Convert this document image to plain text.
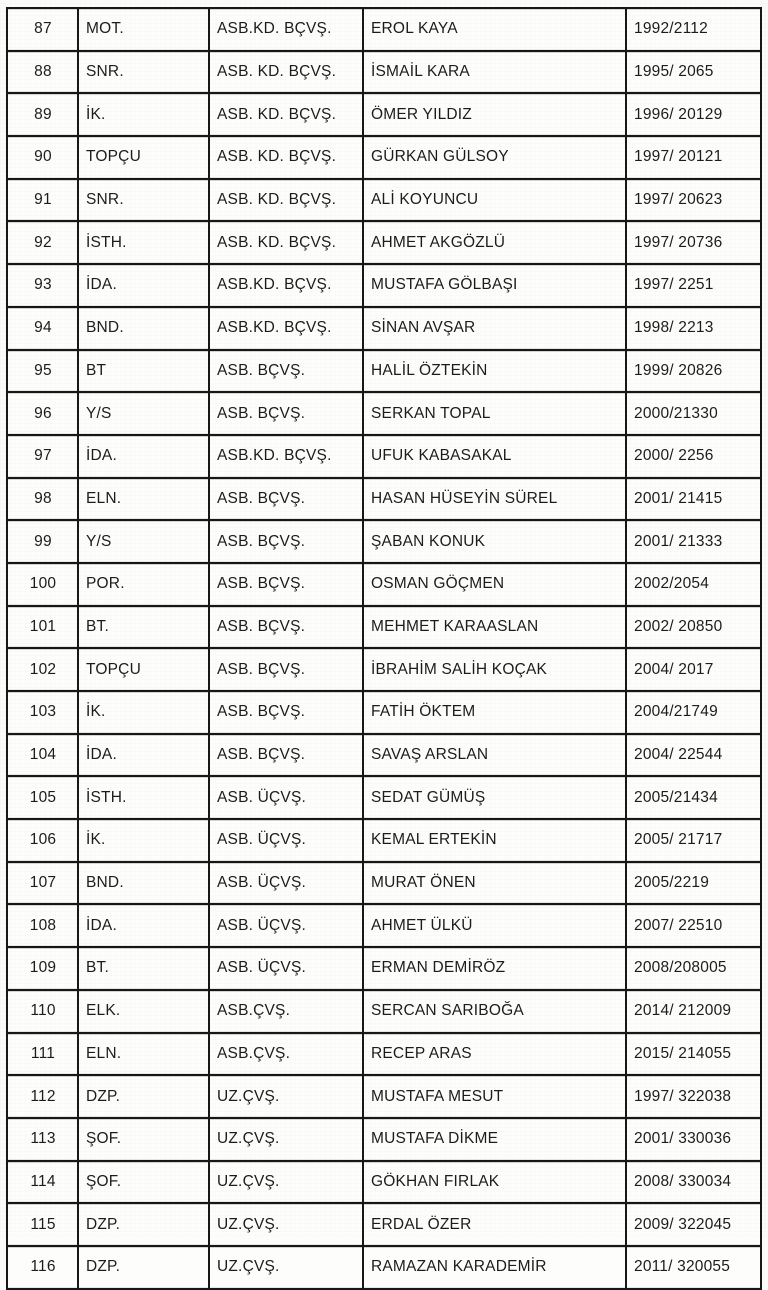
87	MOT.	ASB.KD. BÇVŞ.	EROL KAYA	1992/2112
88	SNR.	ASB. KD. BÇVŞ.	İSMAİL KARA	1995/ 2065
89	İK.	ASB. KD. BÇVŞ.	ÖMER YILDIZ	1996/ 20129
90	TOPÇU	ASB. KD. BÇVŞ.	GÜRKAN GÜLSOY	1997/ 20121
91	SNR.	ASB. KD. BÇVŞ.	ALİ KOYUNCU	1997/ 20623
92	İSTH.	ASB. KD. BÇVŞ.	AHMET AKGÖZLÜ	1997/ 20736
93	İDA.	ASB.KD. BÇVŞ.	MUSTAFA GÖLBAŞI	1997/ 2251
94	BND.	ASB.KD. BÇVŞ.	SİNAN AVŞAR	1998/ 2213
95	BT	ASB. BÇVŞ.	HALİL ÖZTEKİN	1999/ 20826
96	Y/S	ASB. BÇVŞ.	SERKAN TOPAL	2000/21330
97	İDA.	ASB.KD. BÇVŞ.	UFUK KABASAKAL	2000/ 2256
98	ELN.	ASB. BÇVŞ.	HASAN HÜSEYİN SÜREL	2001/ 21415
99	Y/S	ASB. BÇVŞ.	ŞABAN KONUK	2001/ 21333
100	POR.	ASB. BÇVŞ.	OSMAN GÖÇMEN	2002/2054
101	BT.	ASB. BÇVŞ.	MEHMET KARAASLAN	2002/ 20850
102	TOPÇU	ASB. BÇVŞ.	İBRAHİM SALİH KOÇAK	2004/ 2017
103	İK.	ASB. BÇVŞ.	FATİH ÖKTEM	2004/21749
104	İDA.	ASB. BÇVŞ.	SAVAŞ ARSLAN	2004/ 22544
105	İSTH.	ASB. ÜÇVŞ.	SEDAT GÜMÜŞ	2005/21434
106	İK.	ASB. ÜÇVŞ.	KEMAL ERTEKİN	2005/ 21717
107	BND.	ASB. ÜÇVŞ.	MURAT ÖNEN	2005/2219
108	İDA.	ASB. ÜÇVŞ.	AHMET ÜLKÜ	2007/ 22510
109	BT.	ASB. ÜÇVŞ.	ERMAN DEMİRÖZ	2008/208005
110	ELK.	ASB.ÇVŞ.	SERCAN SARIBOĞA	2014/ 212009
111	ELN.	ASB.ÇVŞ.	RECEP ARAS	2015/ 214055
112	DZP.	UZ.ÇVŞ.	MUSTAFA MESUT	1997/ 322038
113	ŞOF.	UZ.ÇVŞ.	MUSTAFA DİKME	2001/ 330036
114	ŞOF.	UZ.ÇVŞ.	GÖKHAN FIRLAK	2008/ 330034
115	DZP.	UZ.ÇVŞ.	ERDAL ÖZER	2009/ 322045
116	DZP.	UZ.ÇVŞ.	RAMAZAN KARADEMİR	2011/ 320055
